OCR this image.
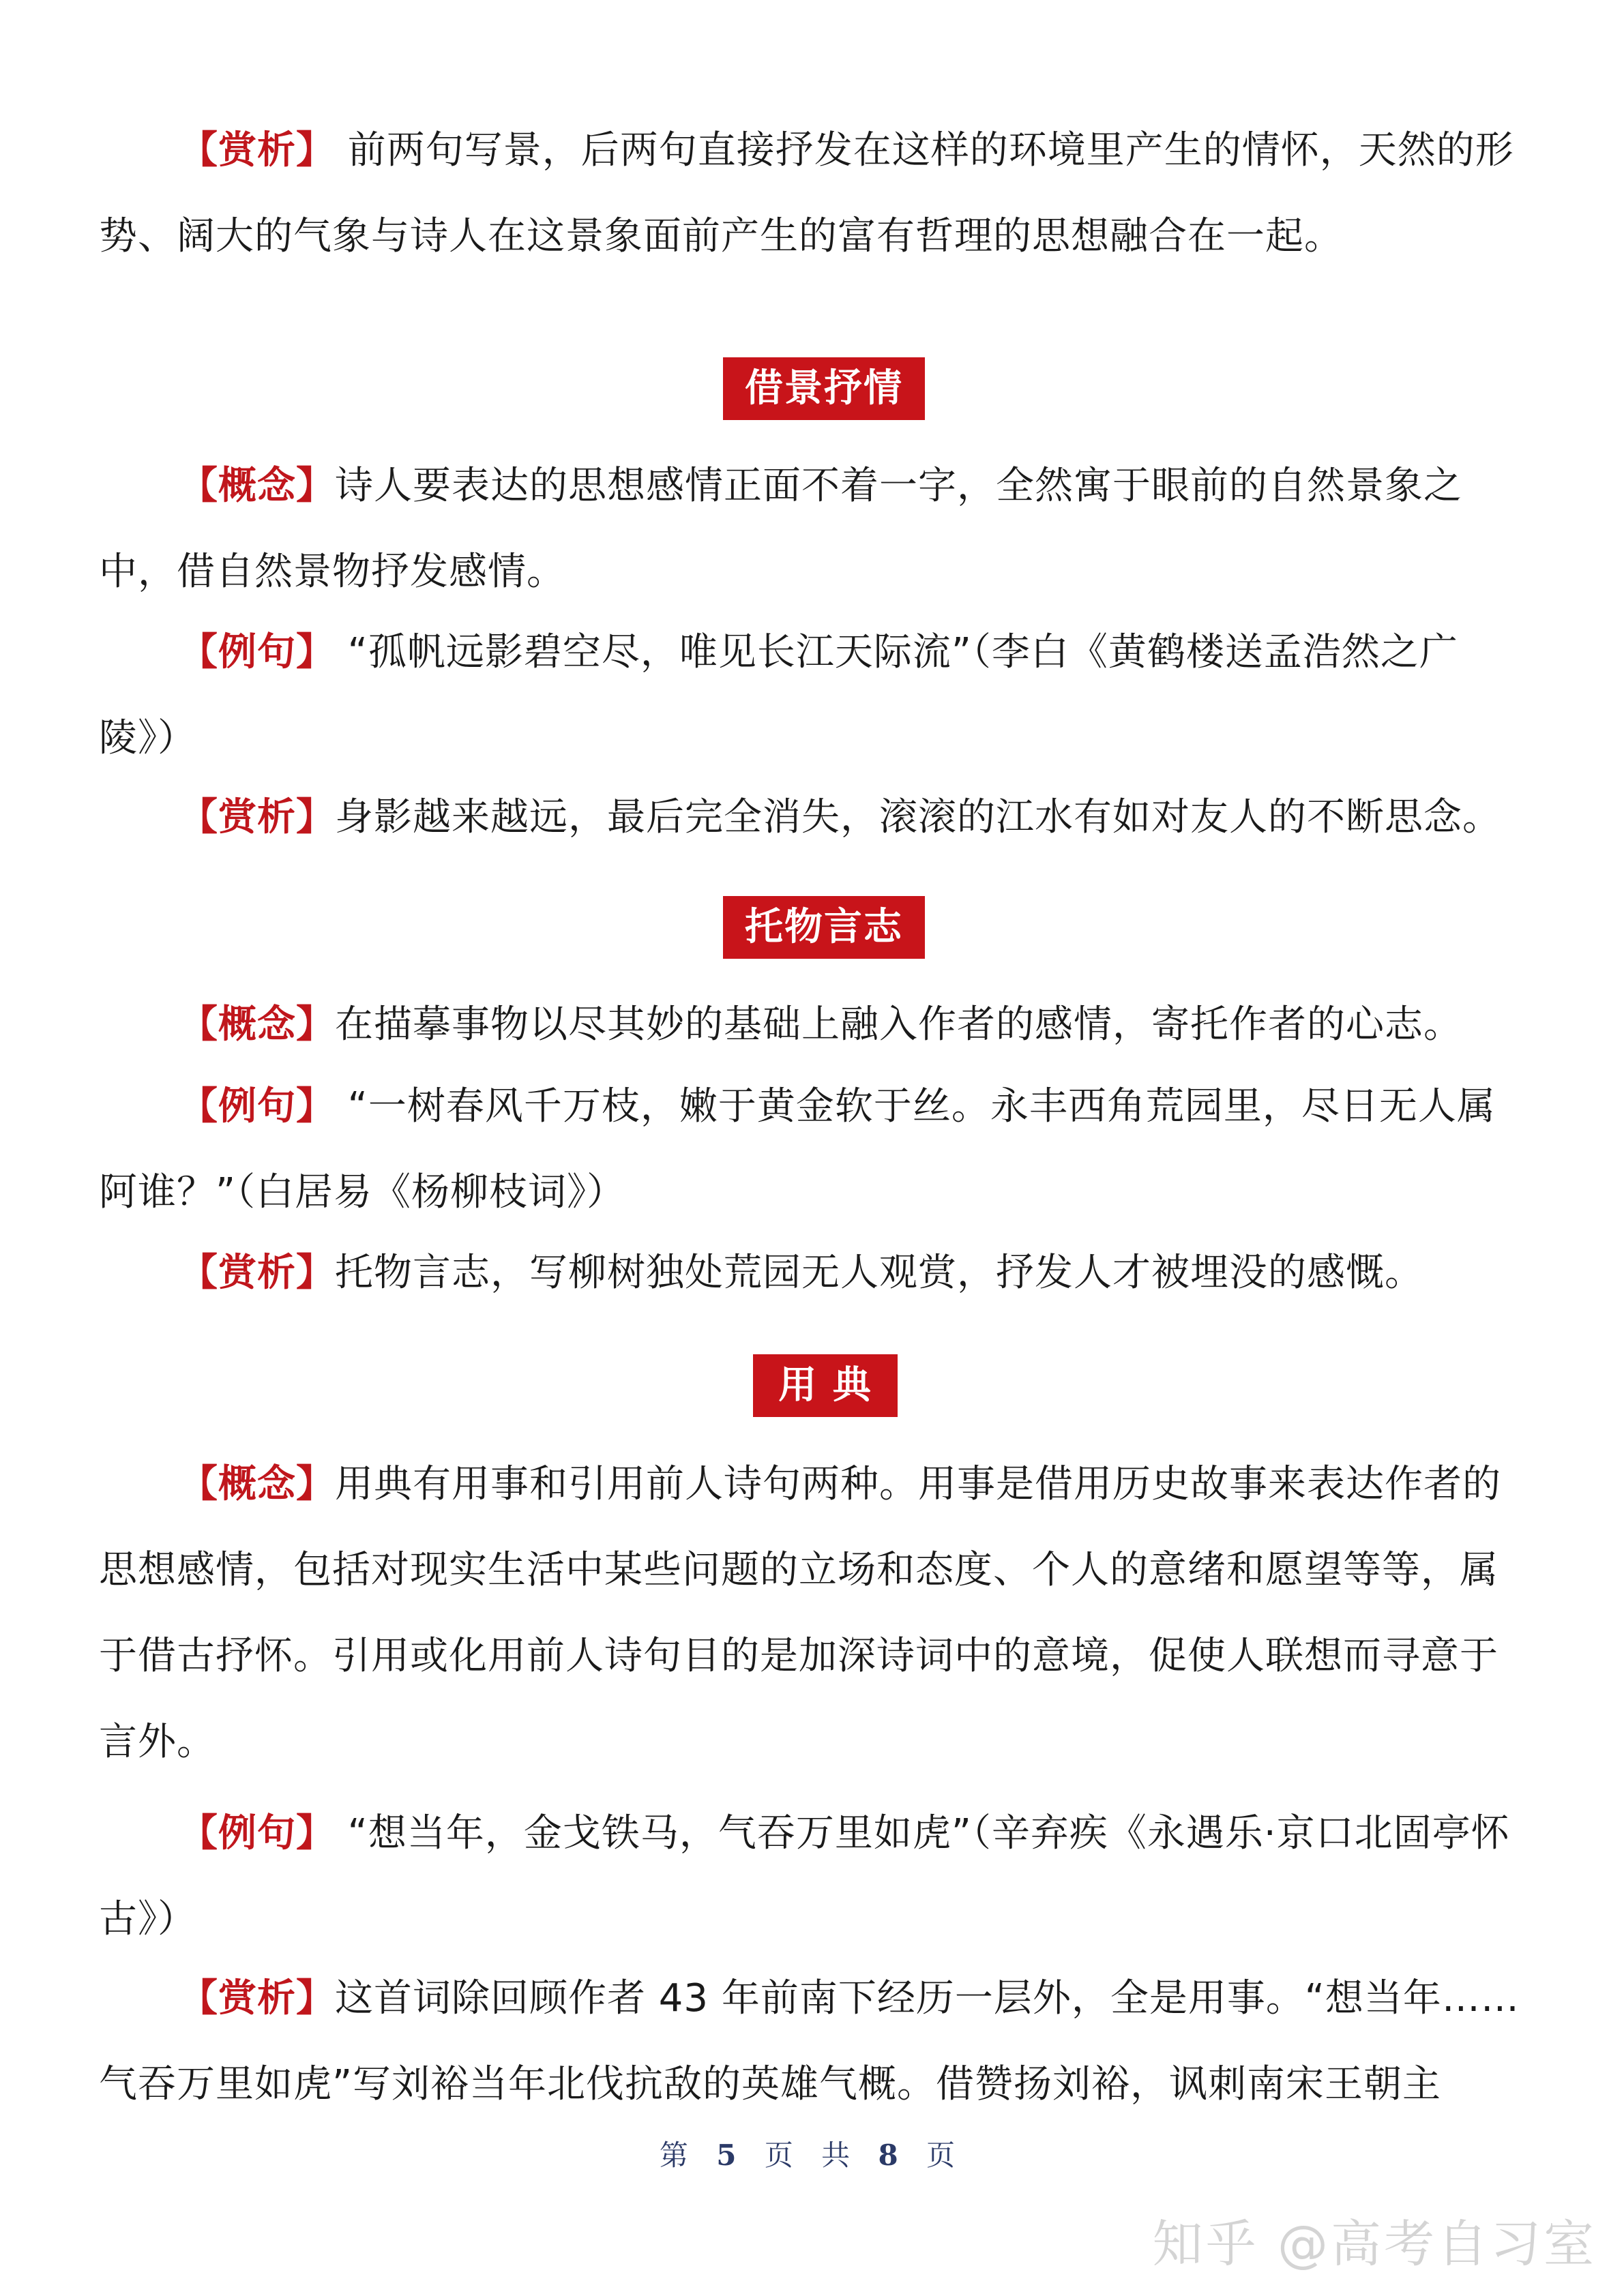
【赏析】 前两句写景，后两句直接抒发在这样的环境里产生的情怀，天然的形势、阔大的气象与诗人在这景象面前产生的富有哲理的思想融合在一起。

借景抒情

【概念】诗人要表达的思想感情正面不着一字，全然寓于眼前的自然景象之中，借自然景物抒发感情。

【例句】 “孤帆远影碧空尽，唯见长江天际流”（李白《黄鹤楼送孟浩然之广陵》）

【赏析】身影越来越远，最后完全消失，滚滚的江水有如对友人的不断思念。

托物言志

【概念】在描摹事物以尽其妙的基础上融入作者的感情，寄托作者的心志。

【例句】 “一树春风千万枝，嫩于黄金软于丝。永丰西角荒园里，尽日无人属阿谁？”（白居易《杨柳枝词》）

【赏析】托物言志，写柳树独处荒园无人观赏，抒发人才被埋没的感慨。

用 典

【概念】用典有用事和引用前人诗句两种。用事是借用历史故事来表达作者的思想感情，包括对现实生活中某些问题的立场和态度、个人的意绪和愿望等等，属于借古抒怀。引用或化用前人诗句目的是加深诗词中的意境，促使人联想而寻意于言外。

【例句】 “想当年，金戈铁马，气吞万里如虎”（辛弃疾《永遇乐·京口北固亭怀古》）

【赏析】这首词除回顾作者 43 年前南下经历一层外，全是用事。“想当年……气吞万里如虎”写刘裕当年北伐抗敌的英雄气概。借赞扬刘裕，讽刺南宋王朝主

第 5 页 共 8 页
知乎 @高考自习室
